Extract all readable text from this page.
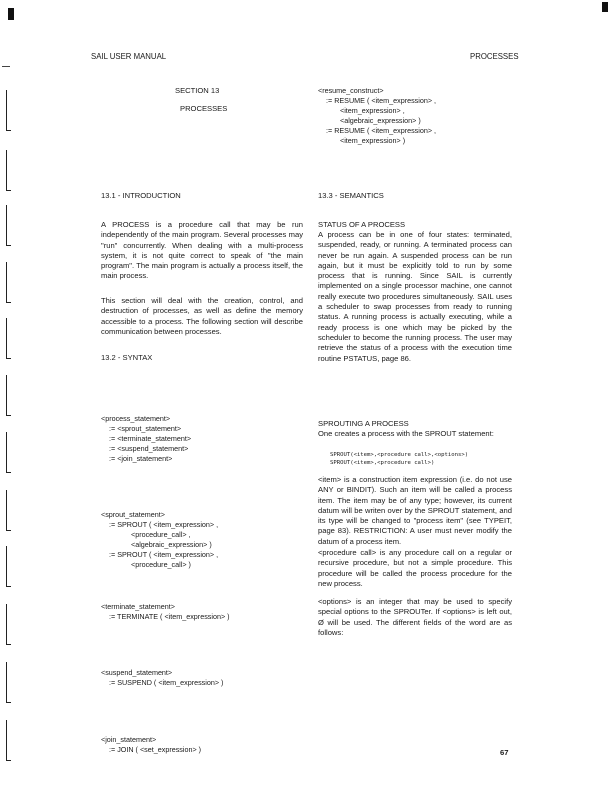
SAIL USER MANUAL	PROCESSES
SECTION 13
PROCESSES
13.1 - INTRODUCTION
A PROCESS is a procedure call that may be run independently of the main program. Several processes may "run" concurrently. When dealing with a multi-process system, it is not quite correct to speak of "the main program". The main program is actually a process itself, the main process.
This section will deal with the creation, control, and destruction of processes, as well as define the memory accessible to a process. The following section will describe communication between processes.
13.2 - SYNTAX
<process_statement>
:= <sprout_statement>
:= <terminate_statement>
:= <suspend_statement>
:= <join_statement>
<sprout_statement>
:= SPROUT ( <item_expression> ,
<procedure_call> ,
<algebraic_expression> )
:= SPROUT ( <item_expression> ,
<procedure_call> )
<terminate_statement>
:= TERMINATE ( <item_expression> )
<suspend_statement>
:= SUSPEND ( <item_expression> )
<join_statement>
:= JOIN ( <set_expression> )
<resume_construct>
:= RESUME ( <item_expression> ,
<item_expression> ,
<algebraic_expression> )
:= RESUME ( <item_expression> ,
<item_expression> )
13.3 - SEMANTICS
STATUS OF A PROCESS
A process can be in one of four states: terminated, suspended, ready, or running. A terminated process can never be run again. A suspended process can be run again, but it must be explicitly told to run by some process that is running. Since SAIL is currently implemented on a single processor machine, one cannot really execute two procedures simultaneously. SAIL uses a scheduler to swap processes from ready to running status. A running process is actually executing, while a ready process is one which may be picked by the scheduler to become the running process. The user may retrieve the status of a process with the execution time routine PSTATUS, page 86.
SPROUTING A PROCESS
One creates a process with the SPROUT statement:
SPROUT(<item>,<procedure call>,<options>)
SPROUT(<item>,<procedure call>)
<item> is a construction item expression (i.e. do not use ANY or BINDIT). Such an item will be called a process item. The item may be of any type; however, its current datum will be writen over by the SPROUT statement, and its type will be changed to "process item" (see TYPEIT, page 83). RESTRICTION: A user must never modify the datum of a process item.
<procedure call> is any procedure call on a regular or recursive procedure, but not a simple procedure. This procedure will be called the process procedure for the new process.
<options> is an integer that may be used to specify special options to the SPROUTer. If <options> is left out, Ø will be used. The different fields of the word are as follows:
67
